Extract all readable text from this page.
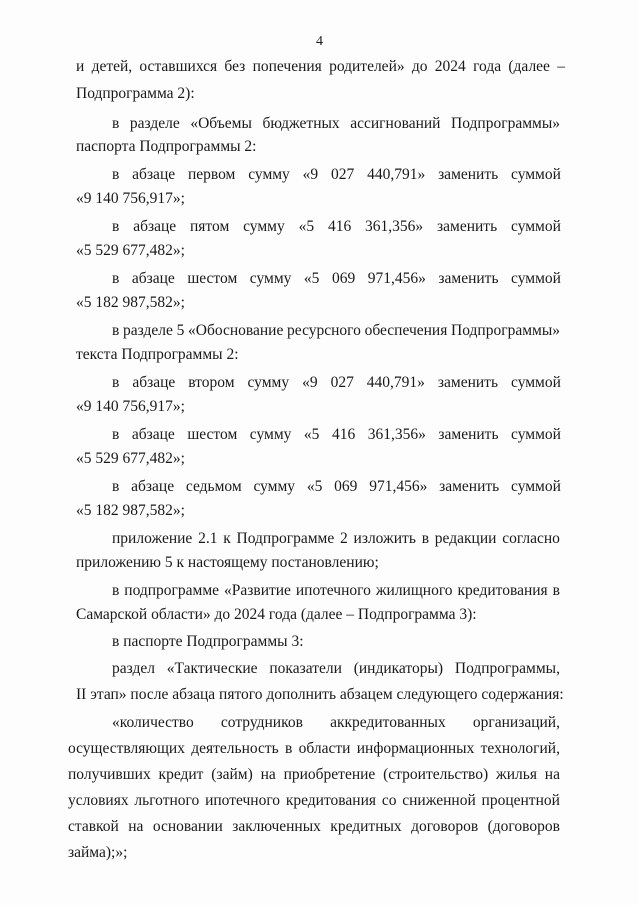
4
и детей, оставшихся без попечения родителей» до 2024 года (далее –
Подпрограмма 2):
в разделе «Объемы бюджетных ассигнований Подпрограммы»
паспорта Подпрограммы 2:
в абзаце первом сумму «9 027 440,791» заменить суммой
«9 140 756,917»;
в абзаце пятом сумму «5 416 361,356» заменить суммой
«5 529 677,482»;
в абзаце шестом сумму «5 069 971,456» заменить суммой
«5 182 987,582»;
в разделе 5 «Обоснование ресурсного обеспечения Подпрограммы»
текста Подпрограммы 2:
в абзаце втором сумму «9 027 440,791» заменить суммой
«9 140 756,917»;
в абзаце шестом сумму «5 416 361,356» заменить суммой
«5 529 677,482»;
в абзаце седьмом сумму «5 069 971,456» заменить суммой
«5 182 987,582»;
приложение 2.1 к Подпрограмме 2 изложить в редакции согласно
приложению 5 к настоящему постановлению;
в подпрограмме «Развитие ипотечного жилищного кредитования в
Самарской области» до 2024 года (далее – Подпрограмма 3):
в паспорте Подпрограммы 3:
раздел «Тактические показатели (индикаторы) Подпрограммы,
II этап» после абзаца пятого дополнить абзацем следующего содержания:
«количество сотрудников аккредитованных организаций,
осуществляющих деятельность в области информационных технологий,
получивших кредит (займ) на приобретение (строительство) жилья на
условиях льготного ипотечного кредитования со сниженной процентной
ставкой на основании заключенных кредитных договоров (договоров
займа);»;
